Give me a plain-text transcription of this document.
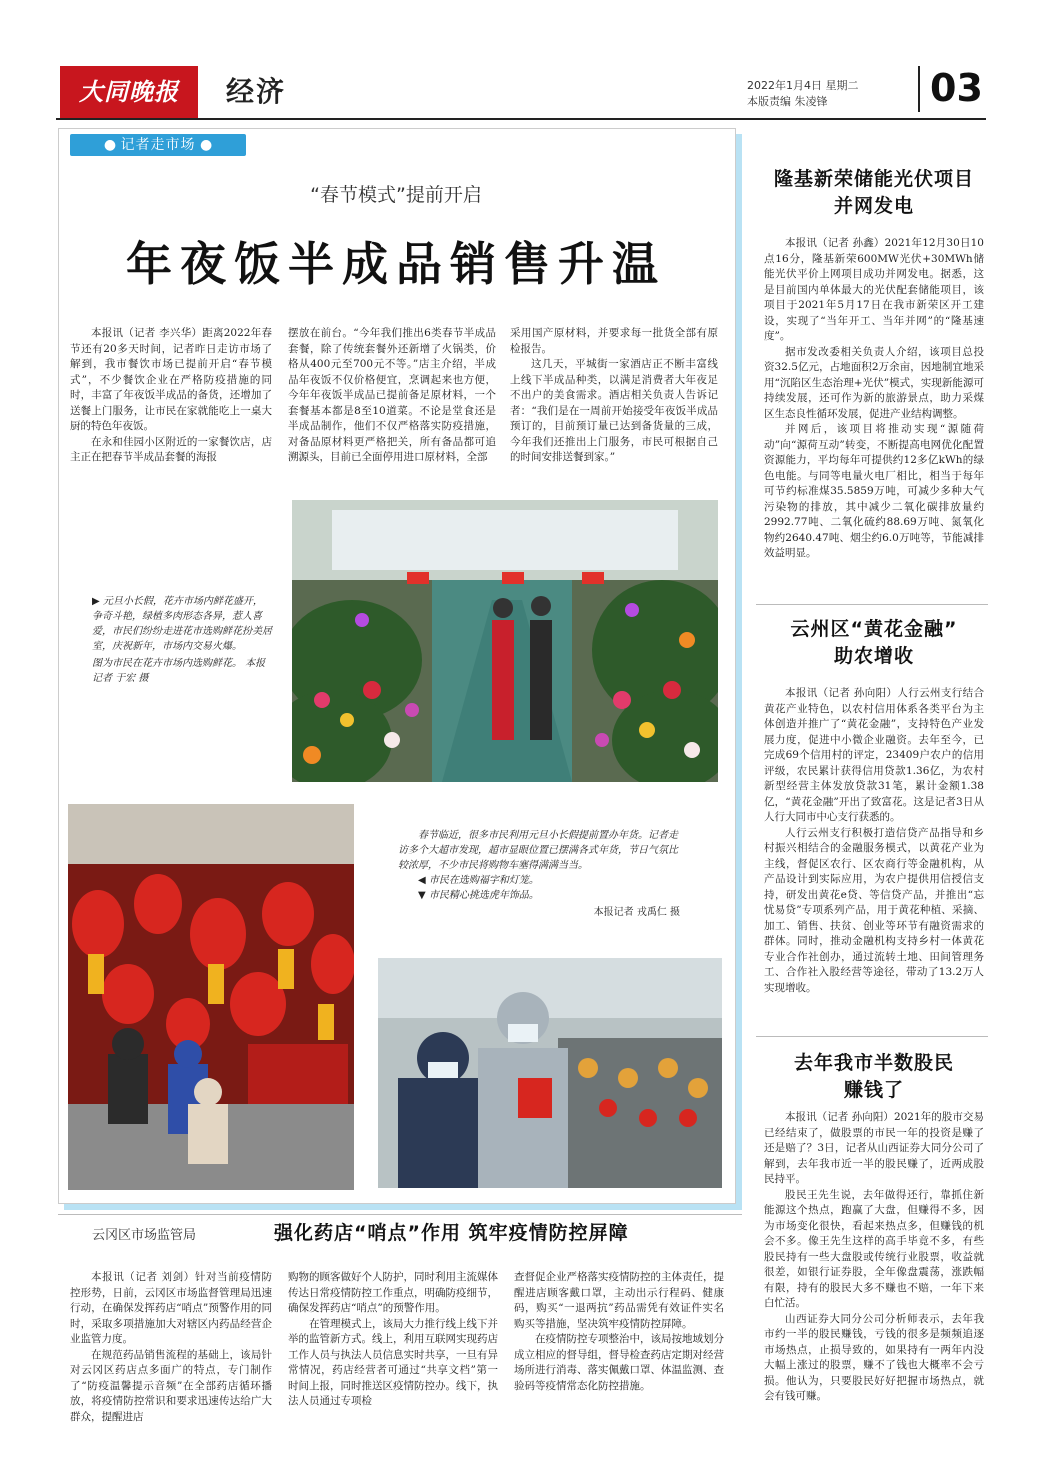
大同晚报	经济	2022年1月4日 星期二
本版责编 朱凌锋	03
● 记者走市场 ●
“春节模式”提前开启
年夜饭半成品销售升温

本报讯（记者 李兴华）距离2022年春节还有20多天时间，记者昨日走访市场了解到，我市餐饮市场已提前开启“春节模式”，不少餐饮企业在严格防疫措施的同时，丰富了年夜饭半成品的备货，还增加了送餐上门服务，让市民在家就能吃上一桌大厨的特色年夜饭。

在永和佳园小区附近的一家餐饮店，店主正在把春节半成品套餐的海报

摆放在前台。“今年我们推出6类春节半成品套餐，除了传统套餐外还新增了火锅类，价格从400元至700元不等。”店主介绍，半成品年夜饭不仅价格便宜，烹调起来也方便，今年年夜饭半成品已提前备足原材料，一个套餐基本都是8至10道菜。不论是堂食还是半成品制作，他们不仅严格落实防疫措施，对备品原材料更严格把关，所有备品都可追溯源头，目前已全面停用进口原材料，全部

采用国产原材料，并要求每一批货全部有原检报告。

这几天，平城街一家酒店正不断丰富线上线下半成品种类，以满足消费者大年夜足不出户的美食需求。酒店相关负责人告诉记者：“我们是在一周前开始接受年夜饭半成品预订的，目前预订量已达到备货量的三成，今年我们还推出上门服务，市民可根据自己的时间安排送餐到家。”

▶ 元旦小长假，花卉市场内鲜花盛开，争奇斗艳，绿植多肉形态各异，惹人喜爱，市民们纷纷走进花市选购鲜花扮美居室，庆祝新年，市场内交易火爆。

图为市民在花卉市场内选购鲜花。 本报记者 于宏 摄

春节临近，很多市民利用元旦小长假提前置办年货。记者走访多个大超市发现，超市显眼位置已摆满各式年货，节日气氛比较浓厚，不少市民将购物车塞得满满当当。

◀ 市民在选购福字和灯笼。

▼ 市民精心挑选虎年饰品。

本报记者 戎禹仁 摄

隆基新荣储能光伏项目
并网发电

本报讯（记者 孙鑫）2021年12月30日10点16分，隆基新荣600MW光伏+30MWh储能光伏平价上网项目成功并网发电。据悉，这是目前国内单体最大的光伏配套储能项目，该项目于2021年5月17日在我市新荣区开工建设，实现了“当年开工、当年并网”的“隆基速度”。

据市发改委相关负责人介绍，该项目总投资32.5亿元，占地面积2万余亩，因地制宜地采用“沉陷区生态治理+光伏”模式，实现新能源可持续发展，还可作为新的旅游景点，助力采煤区生态良性循环发展，促进产业结构调整。

并网后，该项目将推动实现“源随荷动”向“源荷互动”转变，不断提高电网优化配置资源能力，平均每年可提供约12多亿kWh的绿色电能。与同等电量火电厂相比，相当于每年可节约标准煤35.5859万吨，可减少多种大气污染物的排放，其中减少二氧化碳排放量约2992.77吨、二氧化硫约88.69万吨、氮氧化物约2640.47吨、烟尘约6.0万吨等，节能减排效益明显。

云州区“黄花金融”
助农增收

本报讯（记者 孙向阳）人行云州支行结合黄花产业特色，以农村信用体系各类平台为主体创造并推广了“黄花金融”，支持特色产业发展力度，促进中小微企业融资。去年至今，已完成69个信用村的评定，23409户农户的信用评级，农民累计获得信用贷款1.36亿，为农村新型经营主体发放贷款31笔，累计金额1.38亿，“黄花金融”开出了致富花。这是记者3日从人行大同市中心支行获悉的。

人行云州支行积极打造信贷产品指导和乡村振兴相结合的金融服务模式，以黄花产业为主线，督促区农行、区农商行等金融机构，从产品设计到实际应用，为农户提供用信授信支持，研发出黄花e贷、等信贷产品，并推出“忘忧易贷”专项系列产品，用于黄花种植、采摘、加工、销售、扶贫、创业等环节有融资需求的群体。同时，推动金融机构支持乡村一体黄花专业合作社创办，通过流转土地、田间管理务工、合作社入股经营等途径，带动了13.2万人实现增收。

去年我市半数股民
赚钱了

本报讯（记者 孙向阳）2021年的股市交易已经结束了，做股票的市民一年的投资是赚了还是赔了？3日，记者从山西证券大同分公司了解到，去年我市近一半的股民赚了，近两成股民持平。

股民王先生说，去年做得还行，靠抓住新能源这个热点，跑赢了大盘，但赚得不多，因为市场变化很快，看起来热点多，但赚钱的机会不多。像王先生这样的高手毕竟不多，有些股民持有一些大盘股或传统行业股票，收益就很差，如银行证券股，全年像盘震荡，涨跌幅有限，持有的股民大多不赚也不赔，一年下来白忙活。

山西证券大同分公司分析师表示，去年我市约一半的股民赚钱，亏钱的很多是频频追逐市场热点，止损导致的，如果持有一两年内没大幅上涨过的股票，赚不了钱也大概率不会亏损。他认为，只要股民好好把握市场热点，就会有钱可赚。

云冈区市场监管局	强化药店“哨点”作用 筑牢疫情防控屏障

本报讯（记者 刘剑）针对当前疫情防控形势，日前，云冈区市场监督管理局迅速行动，在确保发挥药店“哨点”预警作用的同时，采取多项措施加大对辖区内药品经营企业监管力度。

在规范药品销售流程的基础上，该局针对云冈区药店点多面广的特点，专门制作了“防疫温馨提示音频”在全部药店循环播放，将疫情防控常识和要求迅速传达给广大群众，提醒进店

购物的顾客做好个人防护，同时利用主流媒体传达日常疫情防控工作重点，明确防疫细节，确保发挥药店“哨点”的预警作用。

在管理模式上，该局大力推行线上线下并举的监管新方式。线上，利用互联网实现药店工作人员与执法人员信息实时共享，一旦有异常情况，药店经营者可通过“共享文档”第一时间上报，同时推送区疫情防控办。线下，执法人员通过专项检

查督促企业严格落实疫情防控的主体责任，提醒进店顾客戴口罩，主动出示行程码、健康码，购买“一退两抗”药品需凭有效证件实名购买等措施，坚决筑牢疫情防控屏障。

在疫情防控专项整治中，该局按地域划分成立相应的督导组，督导检查药店定期对经营场所进行消毒、落实佩戴口罩、体温监测、查验码等疫情常态化防控措施。
